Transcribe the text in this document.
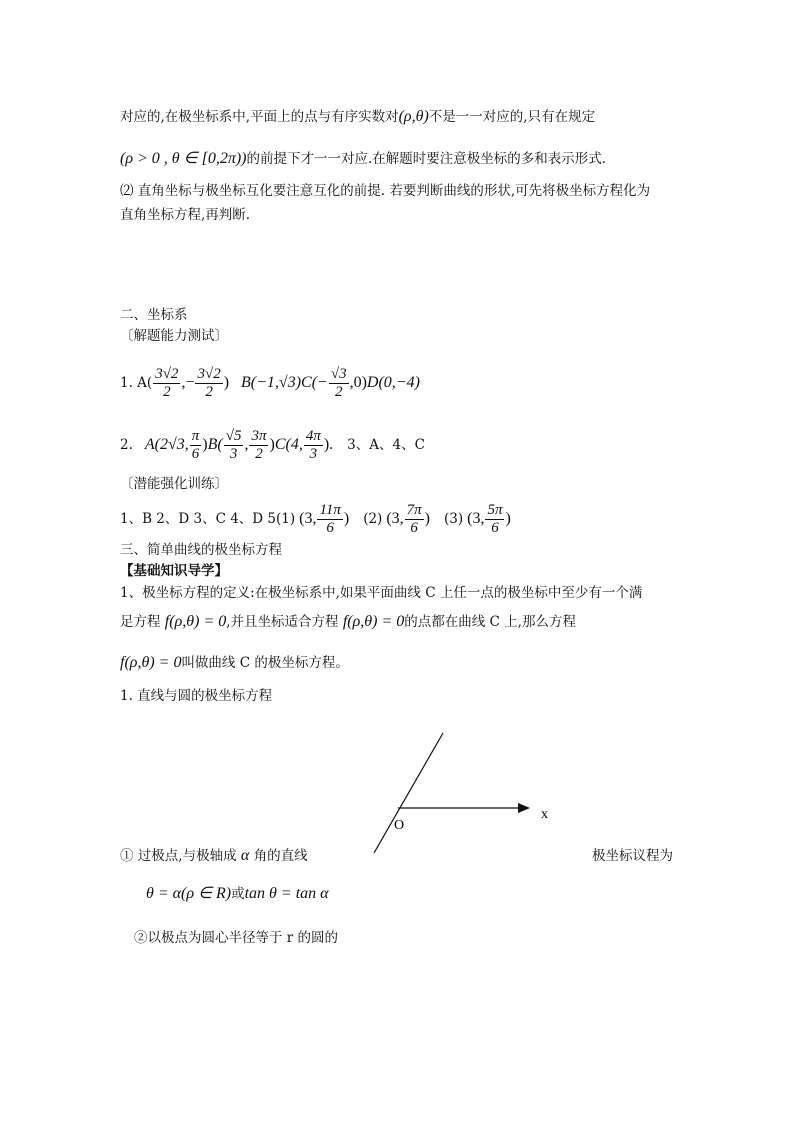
对应的,在极坐标系中,平面上的点与有序实数对(ρ,θ)不是一一对应的,只有在规定
(ρ > 0 , θ ∈ [0,2π))的前提下才一一对应.在解题时要注意极坐标的多和表示形式.
⑵ 直角坐标与极坐标互化要注意互化的前提. 若要判断曲线的形状,可先将极坐标方程化为
直角坐标方程,再判断.
二、坐标系
〔解题能力测试〕
1. $A( \frac{3√2}{2}$ ,− $\frac{3√2}{2}$ ) B(−1,√3) $C(- \frac{√3}{2} ,0)$ D(0,−4)
2. A(2√3, $\frac{\pi}{6}$ ) $B( \frac{√5}{3}$ , $\frac{3\pi}{2}$ ) C(4, $\frac{4\pi}{3}$ ). 3、A、4、C
〔潜能强化训练〕
1、B 2、D 3、C 4、D 5(1) (3, $\frac{11\pi}{6}$ ) (2) (3, $\frac{7\pi}{6}$ ) (3) (3, $\frac{5\pi}{6}$ )
三、简单曲线的极坐标方程
【基础知识导学】
1、极坐标方程的定义:在极坐标系中,如果平面曲线 C 上任一点的极坐标中至少有一个满
足方程 f(ρ,θ) = 0,并且坐标适合方程 f(ρ,θ) = 0的点都在曲线 C 上,那么方程
f(ρ,θ) = 0叫做曲线 C 的极坐标方程。
1. 直线与圆的极坐标方程
O
x
① 过极点,与极轴成 α 角的直线	极坐标议程为
θ = α(ρ ∈ R)或tan θ = tan α
②以极点为圆心半径等于 r 的圆的
